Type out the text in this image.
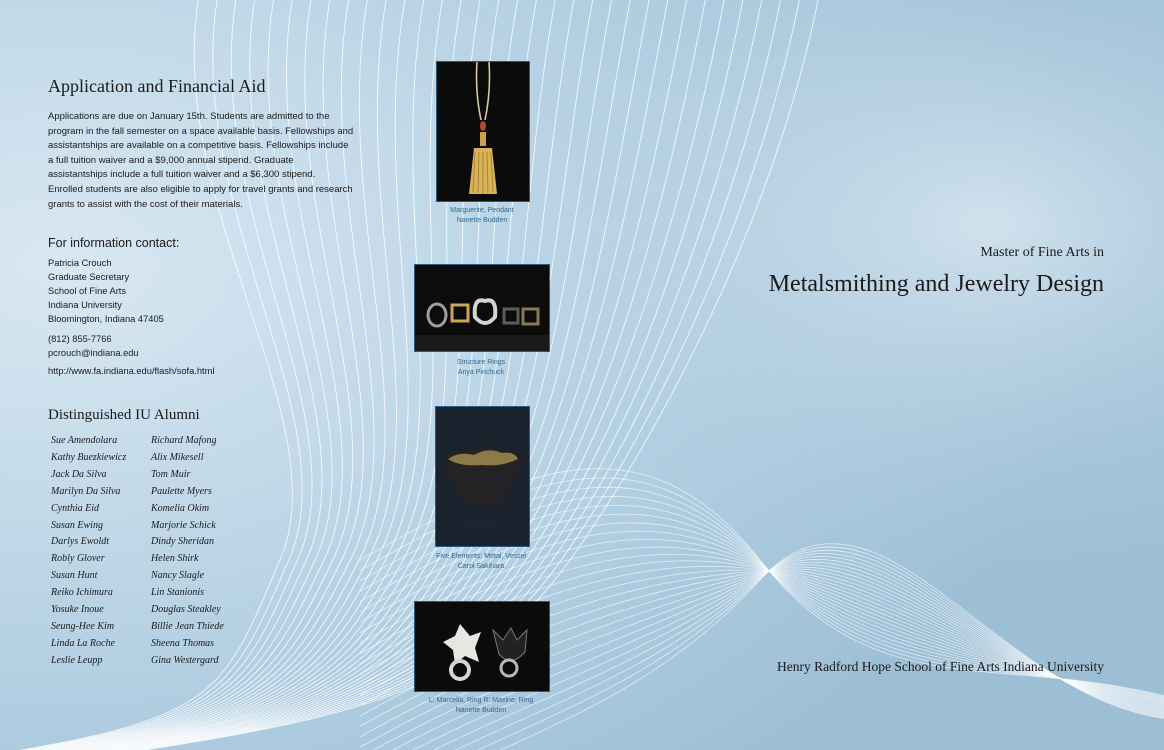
Application and Financial Aid
Applications are due on January 15th. Students are admitted to the
program in the fall semester on a space available basis. Fellowships and
assistantships are available on a competitive basis. Fellowships include
a full tuition waiver and a $9,000 annual stipend. Graduate
assistantships include a full tuition waiver and a $6,300 stipend.
Enrolled students are also eligible to apply for travel grants and research
grants to assist with the cost of their materials.
For information contact:
Patricia Crouch
Graduate Secretary
School of Fine Arts
Indiana University
Bloomington, Indiana 47405
(812) 855-7766
pcrouch@indiana.edu
http://www.fa.indiana.edu/flash/sofa.html
Distinguished IU Alumni
Sue Amendolara
Kathy Buezkiewicz
Jack Da Silva
Marilyn Da Silva
Cynthia Eid
Susan Ewing
Darlys Ewoldt
Robly Glover
Susan Hunt
Reiko Ichimura
Yosuke Inoue
Seung-Hee Kim
Linda La Roche
Leslie Leupp
Richard Mafong
Alix Mikesell
Tom Muir
Paulette Myers
Komelia Okim
Marjorie Schick
Dindy Sheridan
Helen Shirk
Nancy Slagle
Lin Stanionis
Douglas Steakley
Billie Jean Thiede
Sheena Thomas
Gina Westergard
Marguerite, Pendant
Nanette Budden
Structure Rings
Anya Pinchuck
Five Elements: Metal, Vessel
Carol Sakihara
L: Marcella, Ring R: Maxine, Ring
Nanette Budden
Master of Fine Arts in
Metalsmithing and Jewelry Design
Henry Radford Hope School of Fine Arts Indiana University
